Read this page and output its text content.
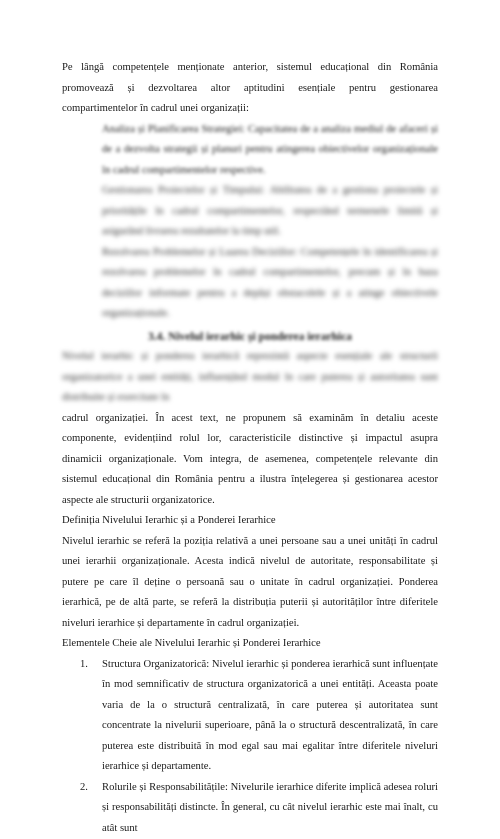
Pe lângă competențele menționate anterior, sistemul educațional din România promovează și dezvoltarea altor aptitudini esențiale pentru gestionarea compartimentelor în cadrul unei organizații:

Analiza și Planificarea Strategiei: Capacitatea de a analiza mediul de afaceri și de a dezvolta strategii și planuri pentru atingerea obiectivelor organizaționale în cadrul compartimentelor respective.
Gestionarea Proiectelor și Timpului: Abilitatea de a gestiona proiectele și prioritățile în cadrul compartimentelor, respectând termenele limită și asigurând livrarea rezultatelor la timp util.
Rezolvarea Problemelor și Luarea Deciziilor: Competențele în identificarea și rezolvarea problemelor în cadrul compartimentelor, precum și în baza deciziilor informate pentru a depăși obstacolele și a atinge obiectivele organizaționale.
3.4. Nivelul ierarhic și ponderea ierarhica

Nivelul ierarhic și ponderea ierarhică reprezintă aspecte esențiale ale structurii organizatorice a unei entități, influențând modul în care puterea și autoritatea sunt distribuite și exercitate în

cadrul organizației. În acest text, ne propunem să examinăm în detaliu aceste componente, evidențiind rolul lor, caracteristicile distinctive și impactul asupra dinamicii organizaționale. Vom integra, de asemenea, competențele relevante din sistemul educațional din România pentru a ilustra înțelegerea și gestionarea acestor aspecte ale structurii organizatorice.

Definiția Nivelului Ierarhic și a Ponderei Ierarhice

Nivelul ierarhic se referă la poziția relativă a unei persoane sau a unei unități în cadrul unei ierarhii organizaționale. Acesta indică nivelul de autoritate, responsabilitate și putere pe care îl deține o persoană sau o unitate în cadrul organizației. Ponderea ierarhică, pe de altă parte, se referă la distribuția puterii și autorităților între diferitele niveluri ierarhice și departamente în cadrul organizației.

Elementele Cheie ale Nivelului Ierarhic și Ponderei Ierarhice

1. Structura Organizatorică: Nivelul ierarhic și ponderea ierarhică sunt influențate în mod semnificativ de structura organizatorică a unei entități. Aceasta poate varia de la o structură centralizată, în care puterea și autoritatea sunt concentrate la nivelurii superioare, până la o structură descentralizată, în care puterea este distribuită în mod egal sau mai egalitar între diferitele niveluri ierarhice și departamente.
2. Rolurile și Responsabilitățile: Nivelurile ierarhice diferite implică adesea roluri și responsabilități distincte. În general, cu cât nivelul ierarhic este mai înalt, cu atât sunt
